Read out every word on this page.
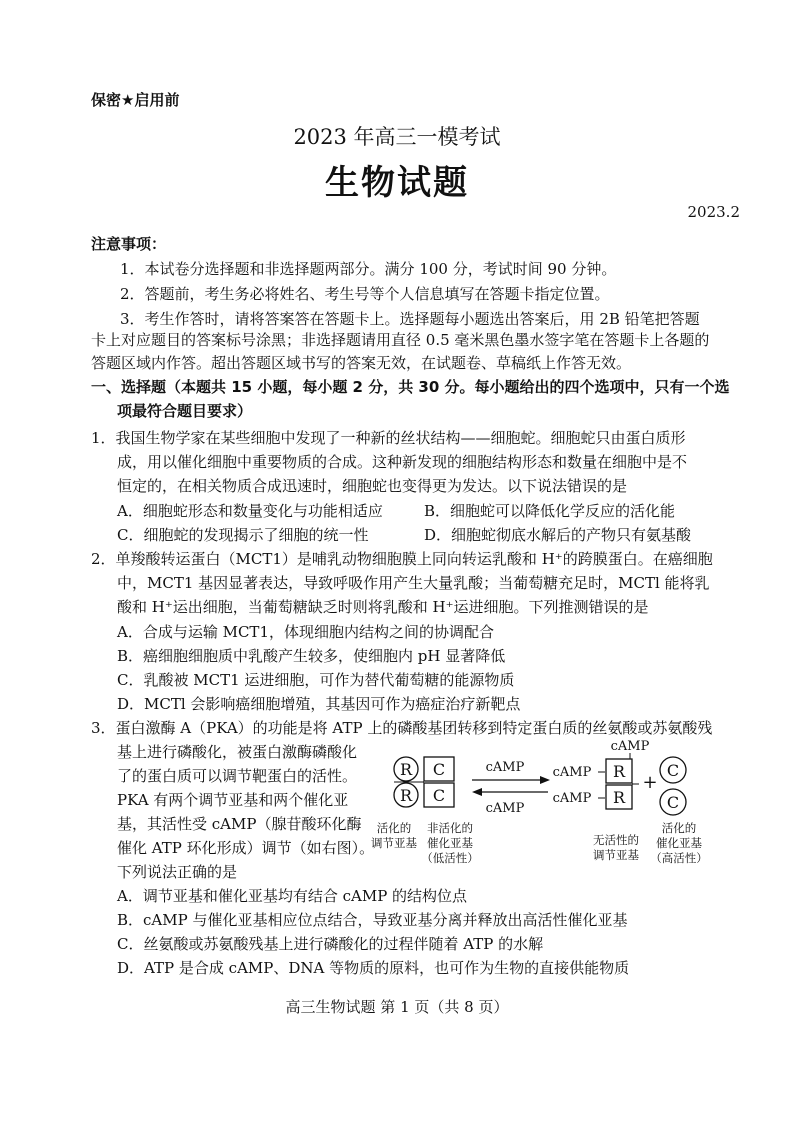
保密★启用前
2023 年高三一模考试
生物试题
2023.2
注意事项：
1．本试卷分选择题和非选择题两部分。满分 100 分，考试时间 90 分钟。
2．答题前，考生务必将姓名、考生号等个人信息填写在答题卡指定位置。
3．考生作答时，请将答案答在答题卡上。选择题每小题选出答案后，用 2B 铅笔把答题
卡上对应题目的答案标号涂黑；非选择题请用直径 0.5 毫米黑色墨水签字笔在答题卡上各题的
答题区域内作答。超出答题区域书写的答案无效，在试题卷、草稿纸上作答无效。
一、选择题（本题共 15 小题，每小题 2 分，共 30 分。每小题给出的四个选项中，只有一个选
项最符合题目要求）
1．我国生物学家在某些细胞中发现了一种新的丝状结构——细胞蛇。细胞蛇只由蛋白质形
成，用以催化细胞中重要物质的合成。这种新发现的细胞结构形态和数量在细胞中是不
恒定的，在相关物质合成迅速时，细胞蛇也变得更为发达。以下说法错误的是
A．细胞蛇形态和数量变化与功能相适应	B．细胞蛇可以降低化学反应的活化能
C．细胞蛇的发现揭示了细胞的统一性	D．细胞蛇彻底水解后的产物只有氨基酸
2．单羧酸转运蛋白（MCT1）是哺乳动物细胞膜上同向转运乳酸和 H⁺的跨膜蛋白。在癌细胞
中，MCT1 基因显著表达，导致呼吸作用产生大量乳酸；当葡萄糖充足时，MCTl 能将乳
酸和 H⁺运出细胞，当葡萄糖缺乏时则将乳酸和 H⁺运进细胞。下列推测错误的是
A．合成与运输 MCT1，体现细胞内结构之间的协调配合
B．癌细胞细胞质中乳酸产生较多，使细胞内 pH 显著降低
C．乳酸被 MCT1 运进细胞，可作为替代葡萄糖的能源物质
D．MCTl 会影响癌细胞增殖，其基因可作为癌症治疗新靶点
3．蛋白激酶 A（PKA）的功能是将 ATP 上的磷酸基团转移到特定蛋白质的丝氨酸或苏氨酸残
基上进行磷酸化，被蛋白激酶磷酸化
了的蛋白质可以调节靶蛋白的活性。
PKA 有两个调节亚基和两个催化亚
基，其活性受 cAMP（腺苷酸环化酶
催化 ATP 环化形成）调节（如右图）。
下列说法正确的是
R C
R C
cAMP
cAMP
cAMP
cAMP R
cAMP R
+
C
C
活化的
调节亚基
非活化的
催化亚基
（低活性）
无活性的
调节亚基
活化的
催化亚基
（高活性）
A．调节亚基和催化亚基均有结合 cAMP 的结构位点
B．cAMP 与催化亚基相应位点结合，导致亚基分离并释放出高活性催化亚基
C．丝氨酸或苏氨酸残基上进行磷酸化的过程伴随着 ATP 的水解
D．ATP 是合成 cAMP、DNA 等物质的原料，也可作为生物的直接供能物质
高三生物试题 第 1 页（共 8 页）
